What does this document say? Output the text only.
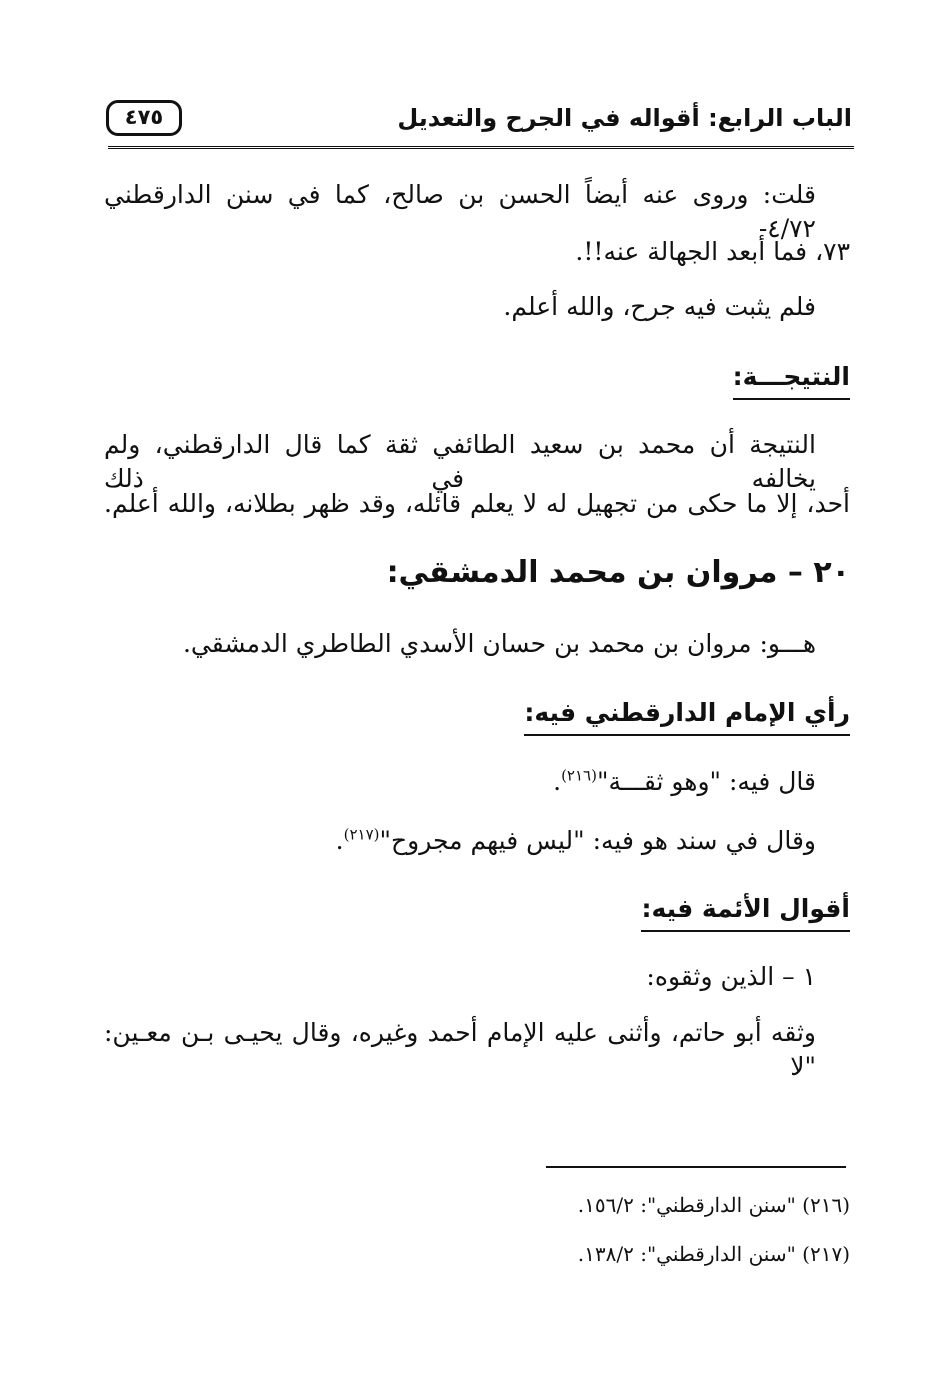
الباب الرابع: أقواله في الجرح والتعديل
٤٧٥
قلت: وروى عنه أيضاً الحسن بن صالح، كما في سنن الدارقطني ٤/٧٢-
٧٣، فما أبعد الجهالة عنه!!.
فلم يثبت فيه جرح، والله أعلم.
النتيجـــة:
النتيجة أن محمد بن سعيد الطائفي ثقة كما قال الدارقطني، ولم يخالفه في ذلك
أحد، إلا ما حكى من تجهيل له لا يعلم قائله، وقد ظهر بطلانه، والله أعلم.
٢٠ – مروان بن محمد الدمشقي:
هـــو: مروان بن محمد بن حسان الأسدي الطاطري الدمشقي.
رأي الإمام الدارقطني فيه:
قال فيه: "وهو ثقـــة"$^{(٢١٦)}$.
وقال في سند هو فيه: "ليس فيهم مجروح"$^{(٢١٧)}$.
أقوال الأئمة فيه:
١ – الذين وثقوه:
وثقه أبو حاتم، وأثنى عليه الإمام أحمد وغيره، وقال يحيـى بـن معـين: "لا
(٢١٦) "سنن الدارقطني": ١٥٦/٢.
(٢١٧) "سنن الدارقطني": ١٣٨/٢.
